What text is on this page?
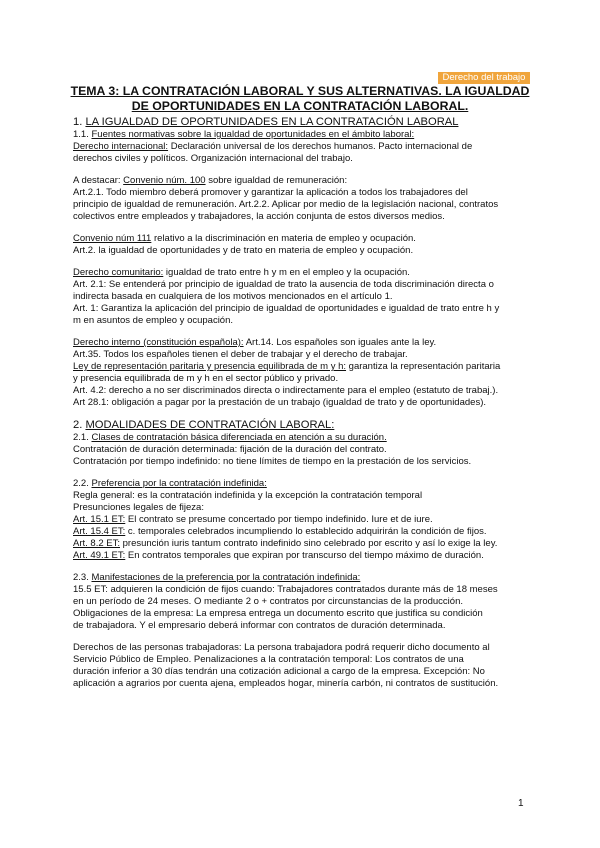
Derecho del trabajo
TEMA 3: LA CONTRATACIÓN LABORAL Y SUS ALTERNATIVAS. LA IGUALDAD
DE OPORTUNIDADES EN LA CONTRATACIÓN LABORAL.
1. LA IGUALDAD DE OPORTUNIDADES EN LA CONTRATACIÓN LABORAL
1.1. Fuentes normativas sobre la igualdad de oportunidades en el ámbito laboral:
Derecho internacional: Declaración universal de los derechos humanos. Pacto internacional de
derechos civiles y políticos. Organización internacional del trabajo.
A destacar: Convenio núm. 100 sobre igualdad de remuneración:
Art.2.1. Todo miembro deberá promover y garantizar la aplicación a todos los trabajadores del
principio de igualdad de remuneración. Art.2.2. Aplicar por medio de la legislación nacional, contratos
colectivos entre empleados y trabajadores, la acción conjunta de estos diversos medios.
Convenio núm 111 relativo a la discriminación en materia de empleo y ocupación.
Art.2. la igualdad de oportunidades y de trato en materia de empleo y ocupación.
Derecho comunitario: igualdad de trato entre h y m en el empleo y la ocupación.
Art. 2.1: Se entenderá por principio de igualdad de trato la ausencia de toda discriminación directa o
indirecta basada en cualquiera de los motivos mencionados en el artículo 1.
Art. 1: Garantiza la aplicación del principio de igualdad de oportunidades e igualdad de trato entre h y
m en asuntos de empleo y ocupación.
Derecho interno (constitución española): Art.14. Los españoles son iguales ante la ley.
Art.35. Todos los españoles tienen el deber de trabajar y el derecho de trabajar.
Ley de representación paritaria y presencia equilibrada de m y h: garantiza la representación paritaria
y presencia equilibrada de m y h en el sector público y privado.
Art. 4.2: derecho a no ser discriminados directa o indirectamente para el empleo (estatuto de trabaj.).
Art 28.1: obligación a pagar por la prestación de un trabajo (igualdad de trato y de oportunidades).
2. MODALIDADES DE CONTRATACIÓN LABORAL:
2.1. Clases de contratación básica diferenciada en atención a su duración.
Contratación de duración determinada: fijación de la duración del contrato.
Contratación por tiempo indefinido: no tiene límites de tiempo en la prestación de los servicios.
2.2. Preferencia por la contratación indefinida:
Regla general: es la contratación indefinida y la excepción la contratación temporal
Presunciones legales de fijeza:
Art. 15.1 ET: El contrato se presume concertado por tiempo indefinido. Iure et de iure.
Art. 15.4 ET: c. temporales celebrados incumpliendo lo establecido adquirirán la condición de fijos.
Art. 8.2 ET: presunción iuris tantum contrato indefinido sino celebrado por escrito y así lo exige la ley.
Art. 49.1 ET: En contratos temporales que expiran por transcurso del tiempo máximo de duración.
2.3. Manifestaciones de la preferencia por la contratación indefinida:
15.5 ET: adquieren la condición de fijos cuando: Trabajadores contratados durante más de 18 meses
en un período de 24 meses. O mediante 2 o + contratos por circunstancias de la producción.
Obligaciones de la empresa: La empresa entrega un documento escrito que justifica su condición
de trabajadora. Y el empresario deberá informar con contratos de duración determinada.
Derechos de las personas trabajadoras: La persona trabajadora podrá requerir dicho documento al
Servicio Público de Empleo. Penalizaciones a la contratación temporal: Los contratos de una
duración inferior a 30 días tendrán una cotización adicional a cargo de la empresa. Excepción: No
aplicación a agrarios por cuenta ajena, empleados hogar, minería carbón, ni contratos de sustitución.
1
